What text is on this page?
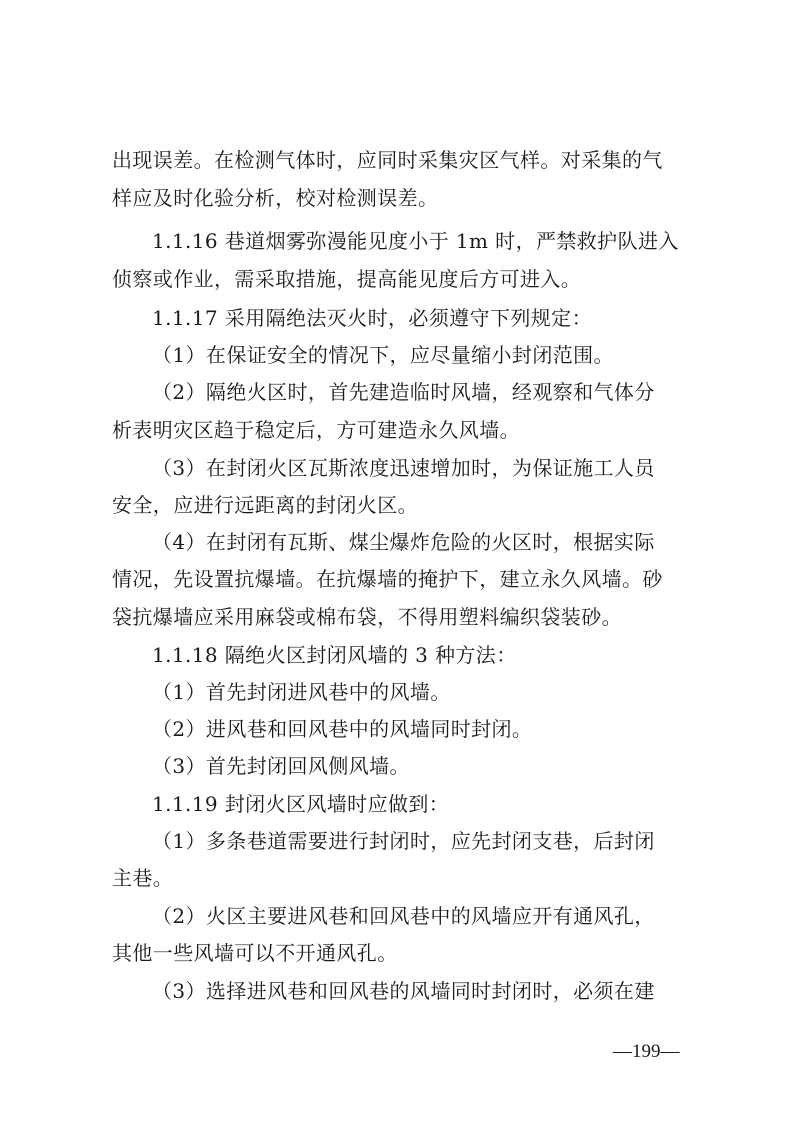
出现误差。在检测气体时，应同时采集灾区气样。对采集的气
样应及时化验分析，校对检测误差。
1.1.16 巷道烟雾弥漫能见度小于 1m 时，严禁救护队进入
侦察或作业，需采取措施，提高能见度后方可进入。
1.1.17 采用隔绝法灭火时，必须遵守下列规定：
（1）在保证安全的情况下，应尽量缩小封闭范围。
（2）隔绝火区时，首先建造临时风墙，经观察和气体分
析表明灾区趋于稳定后，方可建造永久风墙。
（3）在封闭火区瓦斯浓度迅速增加时，为保证施工人员
安全，应进行远距离的封闭火区。
（4）在封闭有瓦斯、煤尘爆炸危险的火区时，根据实际
情况，先设置抗爆墙。在抗爆墙的掩护下，建立永久风墙。砂
袋抗爆墙应采用麻袋或棉布袋，不得用塑料编织袋装砂。
1.1.18 隔绝火区封闭风墙的 3 种方法：
（1）首先封闭进风巷中的风墙。
（2）进风巷和回风巷中的风墙同时封闭。
（3）首先封闭回风侧风墙。
1.1.19 封闭火区风墙时应做到：
（1）多条巷道需要进行封闭时，应先封闭支巷，后封闭
主巷。
（2）火区主要进风巷和回风巷中的风墙应开有通风孔，
其他一些风墙可以不开通风孔。
（3）选择进风巷和回风巷的风墙同时封闭时，必须在建
—199—
